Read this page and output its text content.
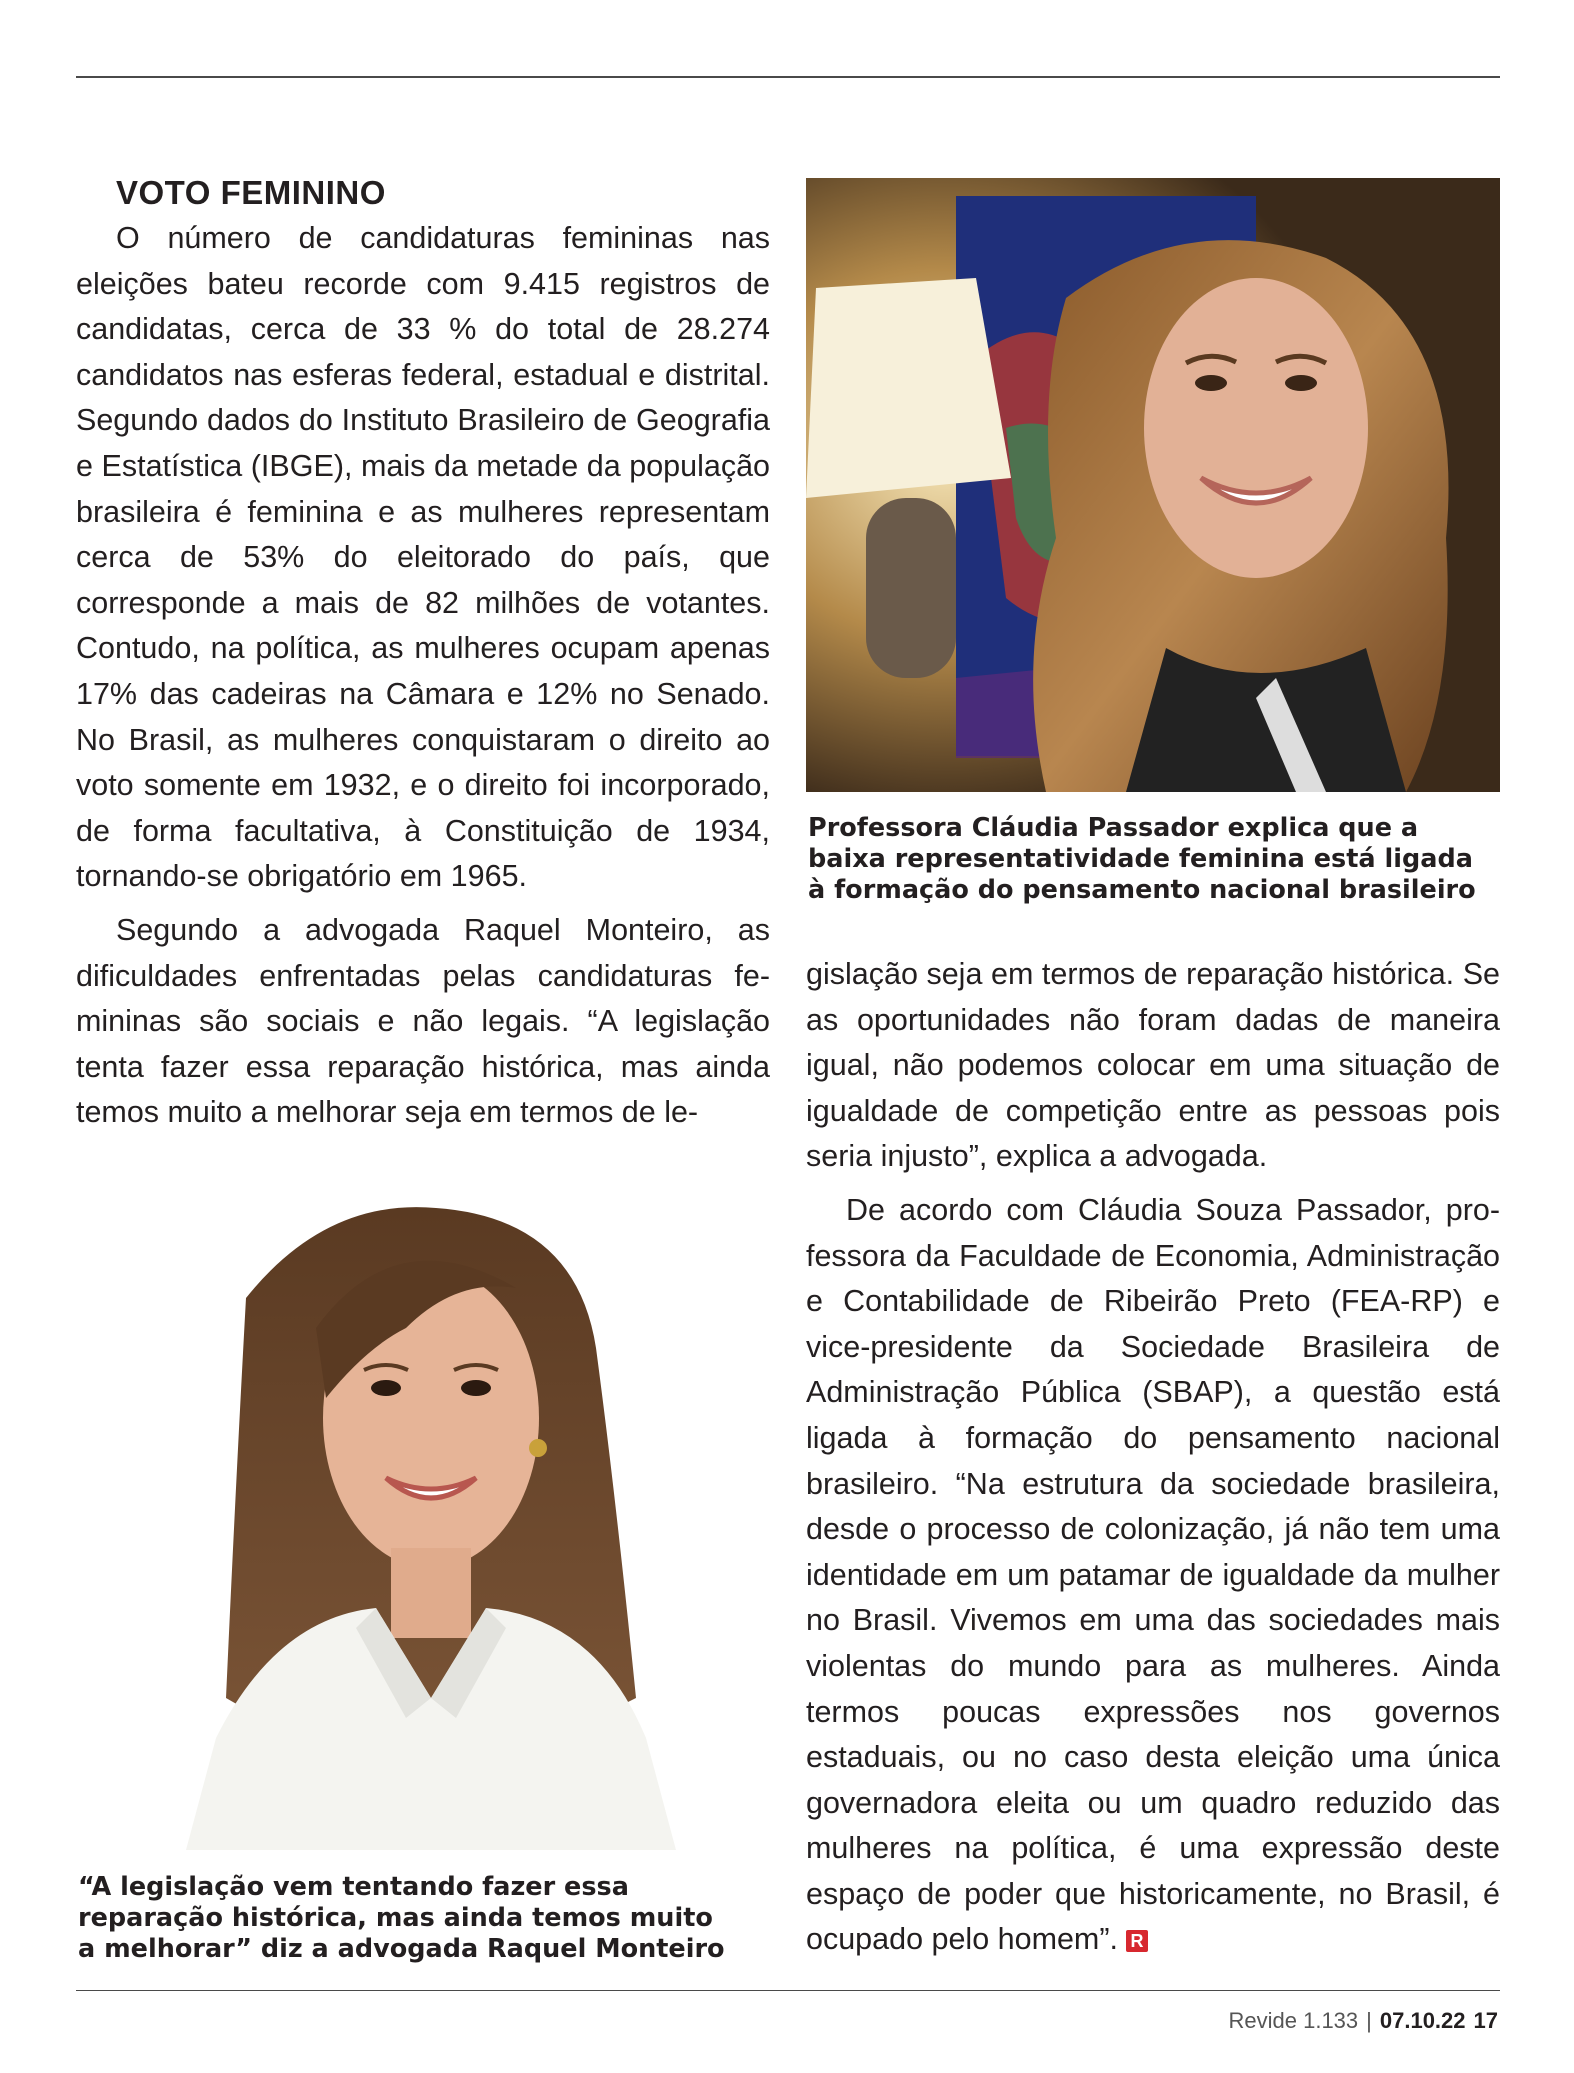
VOTO FEMININO

O número de candidaturas femininas nas eleições bateu recorde com 9.415 registros de candidatas, cerca de 33 % do total de 28.274 candidatos nas esferas federal, estadual e distrital. Segundo dados do Instituto Brasileiro de Geografia e Estatística (IBGE), mais da metade da população brasileira é feminina e as mulheres representam cerca de 53% do eleitorado do país, que corresponde a mais de 82 milhões de votantes. Contudo, na política, as mulheres ocupam apenas 17% das cadeiras na Câmara e 12% no Senado. No Brasil, as mulheres conquistaram o direito ao voto somente em 1932, e o direito foi incorporado, de forma facultativa, à Constituição de 1934, tornando-se obrigatório em 1965.

Segundo a advogada Raquel Monteiro, as dificuldades enfrentadas pelas candidaturas femininas são sociais e não legais. “A legislação tenta fazer essa reparação histórica, mas ainda temos muito a melhorar seja em termos de le-

Professora Cláudia Passador explica que a
baixa representatividade feminina está ligada
à formação do pensamento nacional brasileiro

gislação seja em termos de reparação histórica. Se as oportunidades não foram dadas de maneira igual, não podemos colocar em uma situação de igualdade de competição entre as pessoas pois seria injusto”, explica a advogada.

De acordo com Cláudia Souza Passador, professora da Faculdade de Economia, Administração e Contabilidade de Ribeirão Preto (FEA-RP) e vice-presidente da Sociedade Brasileira de Administração Pública (SBAP), a questão está ligada à formação do pensamento nacional brasileiro. “Na estrutura da sociedade brasileira, desde o processo de colonização, já não tem uma identidade em um patamar de igualdade da mulher no Brasil. Vivemos em uma das sociedades mais violentas do mundo para as mulheres. Ainda termos poucas expressões nos governos estaduais, ou no caso desta eleição uma única governadora eleita ou um quadro reduzido das mulheres na política, é uma expressão deste espaço de poder que historicamente, no Brasil, é ocupado pelo homem”. R

“A legislação vem tentando fazer essa
reparação histórica, mas ainda temos muito
a melhorar” diz a advogada Raquel Monteiro
Revide 1.133 | 07.10.22 17
